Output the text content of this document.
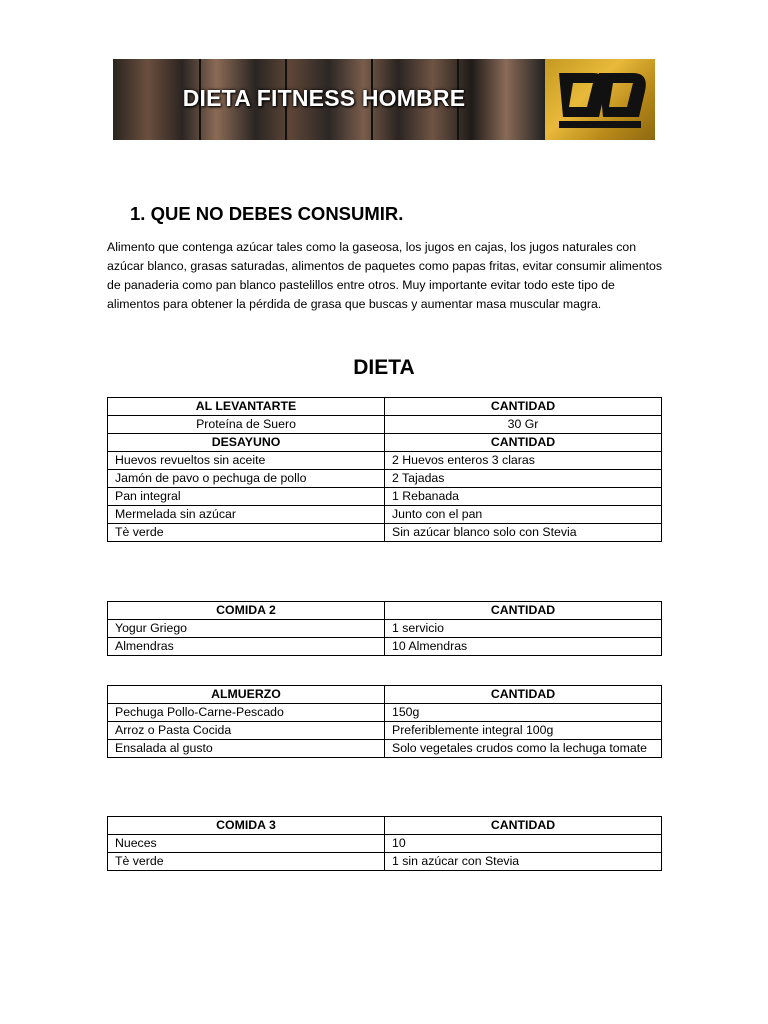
DIETA FITNESS HOMBRE
1. QUE NO DEBES CONSUMIR.
Alimento que contenga azúcar tales como la gaseosa, los jugos en cajas, los jugos naturales con azúcar blanco, grasas saturadas, alimentos de paquetes como papas fritas, evitar consumir alimentos de panaderia como pan blanco pastelillos entre otros. Muy importante evitar todo este tipo de alimentos para obtener la pérdida de grasa que buscas y aumentar masa muscular magra.
DIETA
AL LEVANTARTE	CANTIDAD
Proteína de Suero	30 Gr
DESAYUNO	CANTIDAD
Huevos revueltos sin aceite	2 Huevos enteros 3 claras
Jamón de pavo o pechuga de pollo	2 Tajadas
Pan integral	1 Rebanada
Mermelada sin azúcar	Junto con el pan
Tè verde	Sin azúcar blanco solo con Stevia
COMIDA 2	CANTIDAD
Yogur Griego	1 servicio
Almendras	10 Almendras
ALMUERZO	CANTIDAD
Pechuga Pollo-Carne-Pescado	150g
Arroz o Pasta Cocida	Preferiblemente integral 100g
Ensalada al gusto	Solo vegetales crudos como la lechuga tomate
COMIDA 3	CANTIDAD
Nueces	10
Tè verde	1 sin azúcar con Stevia
